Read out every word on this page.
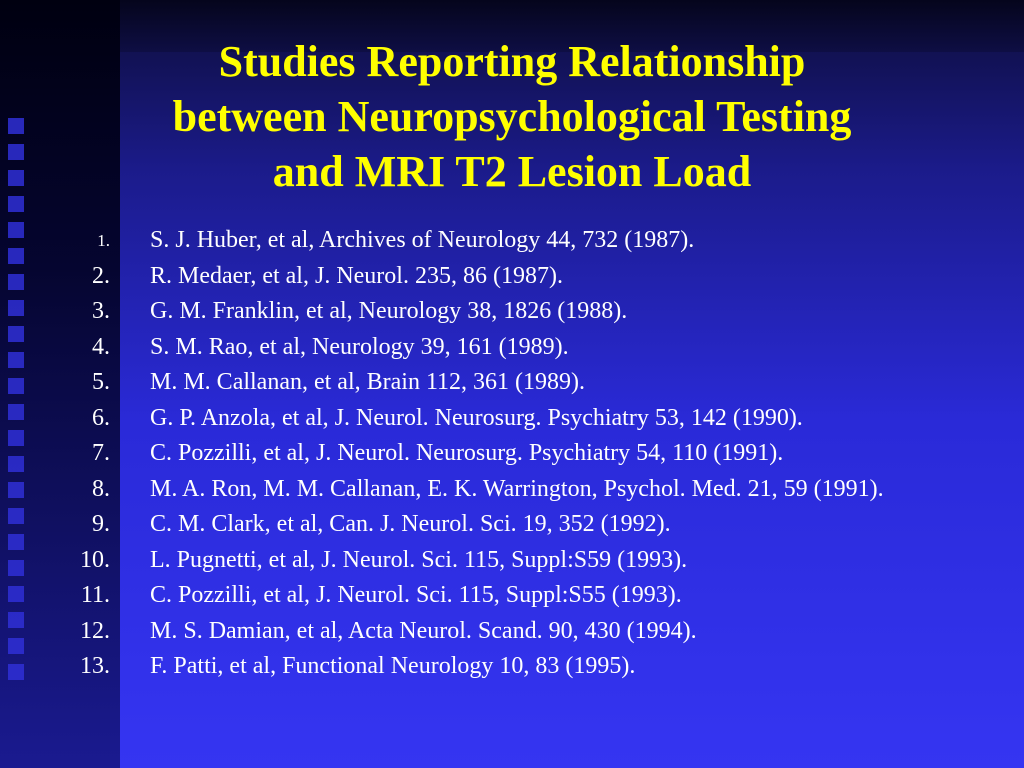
Studies Reporting Relationship
between Neuropsychological Testing
and MRI T2 Lesion Load
1. S. J. Huber, et al, Archives of Neurology 44, 732 (1987).
2. R. Medaer, et al, J. Neurol. 235, 86 (1987).
3. G. M. Franklin, et al, Neurology 38, 1826 (1988).
4. S. M. Rao, et al, Neurology 39, 161 (1989).
5. M. M. Callanan, et al, Brain 112, 361 (1989).
6. G. P. Anzola, et al, J. Neurol. Neurosurg. Psychiatry 53, 142 (1990).
7. C. Pozzilli, et al, J. Neurol. Neurosurg. Psychiatry 54, 110 (1991).
8. M. A. Ron, M. M. Callanan, E. K. Warrington, Psychol. Med. 21, 59 (1991).
9. C. M. Clark, et al, Can. J. Neurol. Sci. 19, 352 (1992).
10. L. Pugnetti, et al, J. Neurol. Sci. 115, Suppl:S59 (1993).
11. C. Pozzilli, et al, J. Neurol. Sci. 115, Suppl:S55 (1993).
12. M. S. Damian, et al, Acta Neurol. Scand. 90, 430 (1994).
13. F. Patti, et al, Functional Neurology 10, 83 (1995).
